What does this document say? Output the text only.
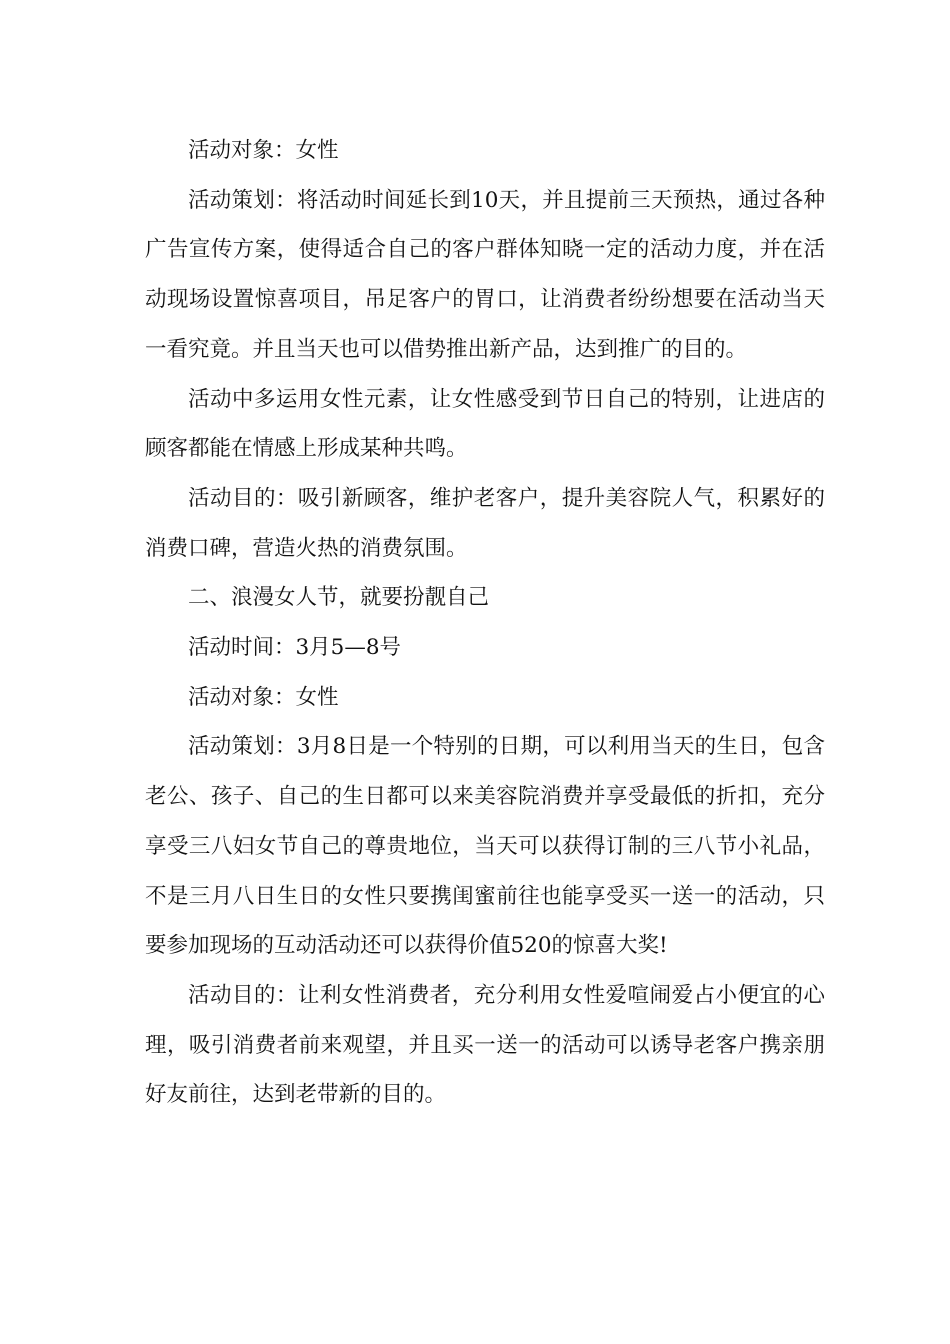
活动对象：女性

活动策划：将活动时间延长到10天，并且提前三天预热，通过各种广告宣传方案，使得适合自己的客户群体知晓一定的活动力度，并在活动现场设置惊喜项目，吊足客户的胃口，让消费者纷纷想要在活动当天一看究竟。并且当天也可以借势推出新产品，达到推广的目的。

活动中多运用女性元素，让女性感受到节日自己的特别，让进店的顾客都能在情感上形成某种共鸣。

活动目的：吸引新顾客，维护老客户，提升美容院人气，积累好的消费口碑，营造火热的消费氛围。

二、浪漫女人节，就要扮靓自己

活动时间：3月5—8号

活动对象：女性

活动策划：3月8日是一个特别的日期，可以利用当天的生日，包含老公、孩子、自己的生日都可以来美容院消费并享受最低的折扣，充分享受三八妇女节自己的尊贵地位，当天可以获得订制的三八节小礼品，不是三月八日生日的女性只要携闺蜜前往也能享受买一送一的活动，只要参加现场的互动活动还可以获得价值520的惊喜大奖!

活动目的：让利女性消费者，充分利用女性爱喧闹爱占小便宜的心理，吸引消费者前来观望，并且买一送一的活动可以诱导老客户携亲朋好友前往，达到老带新的目的。
